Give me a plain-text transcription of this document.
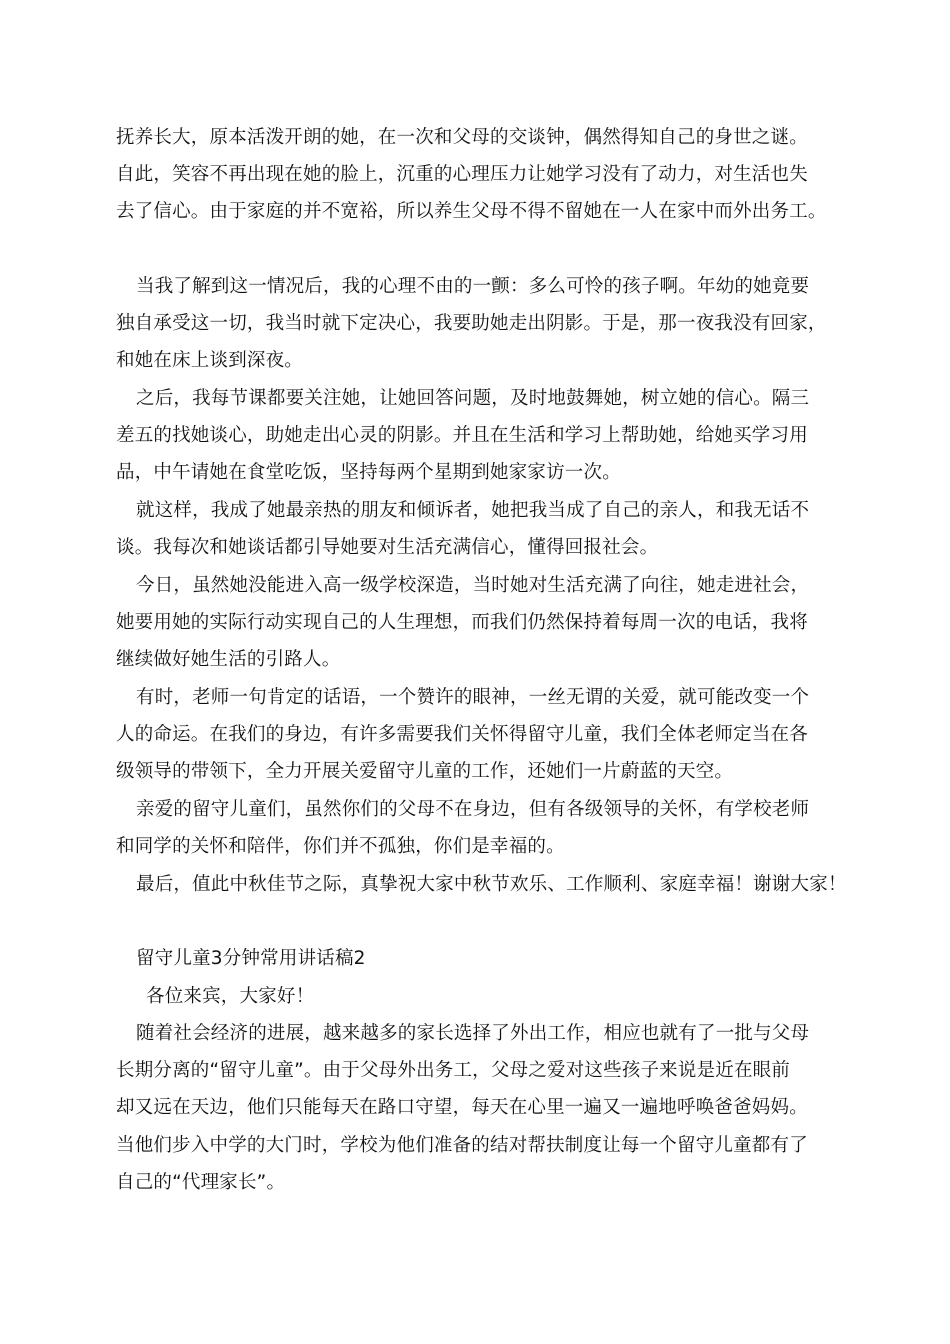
抚养长大，原本活泼开朗的她，在一次和父母的交谈钟，偶然得知自己的身世之谜。
自此，笑容不再出现在她的脸上，沉重的心理压力让她学习没有了动力，对生活也失
去了信心。由于家庭的并不宽裕，所以养生父母不得不留她在一人在家中而外出务工。
当我了解到这一情况后，我的心理不由的一颤：多么可怜的孩子啊。年幼的她竟要
独自承受这一切，我当时就下定决心，我要助她走出阴影。于是，那一夜我没有回家，
和她在床上谈到深夜。
之后，我每节课都要关注她，让她回答问题，及时地鼓舞她，树立她的信心。隔三
差五的找她谈心，助她走出心灵的阴影。并且在生活和学习上帮助她，给她买学习用
品，中午请她在食堂吃饭，坚持每两个星期到她家家访一次。
就这样，我成了她最亲热的朋友和倾诉者，她把我当成了自己的亲人，和我无话不
谈。我每次和她谈话都引导她要对生活充满信心，懂得回报社会。
今日，虽然她没能进入高一级学校深造，当时她对生活充满了向往，她走进社会，
她要用她的实际行动实现自己的人生理想，而我们仍然保持着每周一次的电话，我将
继续做好她生活的引路人。
有时，老师一句肯定的话语，一个赞许的眼神，一丝无谓的关爱，就可能改变一个
人的命运。在我们的身边，有许多需要我们关怀得留守儿童，我们全体老师定当在各
级领导的带领下，全力开展关爱留守儿童的工作，还她们一片蔚蓝的天空。
亲爱的留守儿童们，虽然你们的父母不在身边，但有各级领导的关怀，有学校老师
和同学的关怀和陪伴，你们并不孤独，你们是幸福的。
最后，值此中秋佳节之际，真挚祝大家中秋节欢乐、工作顺利、家庭幸福！谢谢大家！
留守儿童3分钟常用讲话稿2
各位来宾，大家好！
随着社会经济的进展，越来越多的家长选择了外出工作，相应也就有了一批与父母
长期分离的“留守儿童”。由于父母外出务工，父母之爱对这些孩子来说是近在眼前
却又远在天边，他们只能每天在路口守望，每天在心里一遍又一遍地呼唤爸爸妈妈。
当他们步入中学的大门时，学校为他们准备的结对帮扶制度让每一个留守儿童都有了
自己的“代理家长”。
